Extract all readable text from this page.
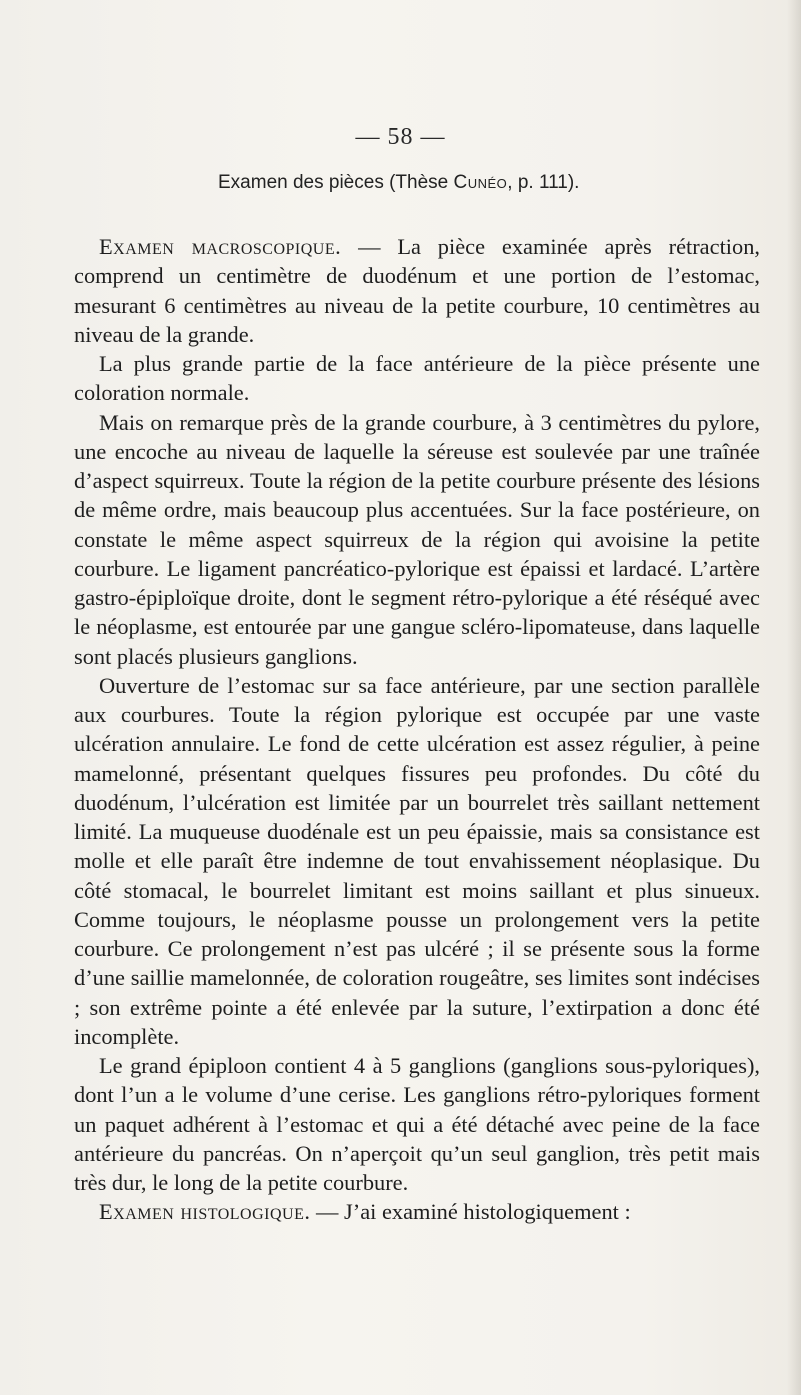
— 58 —
Examen des pièces (Thèse Cunéo, p. 111).

Examen macroscopique. — La pièce examinée après rétraction, comprend un centimètre de duodénum et une portion de l’estomac, mesurant 6 centimètres au niveau de la petite courbure, 10 centimètres au niveau de la grande.

La plus grande partie de la face antérieure de la pièce présente une coloration normale.

Mais on remarque près de la grande courbure, à 3 centimètres du pylore, une encoche au niveau de laquelle la séreuse est soulevée par une traînée d’aspect squirreux. Toute la région de la petite courbure présente des lésions de même ordre, mais beaucoup plus accentuées. Sur la face postérieure, on constate le même aspect squirreux de la région qui avoisine la petite courbure. Le ligament pancréatico-pylorique est épaissi et lardacé. L’artère gastro-épiploïque droite, dont le segment rétro-pylorique a été réséqué avec le néoplasme, est entourée par une gangue scléro-lipomateuse, dans laquelle sont placés plusieurs ganglions.

Ouverture de l’estomac sur sa face antérieure, par une section parallèle aux courbures. Toute la région pylorique est occupée par une vaste ulcération annulaire. Le fond de cette ulcération est assez régulier, à peine mamelonné, présentant quelques fissures peu profondes. Du côté du duodénum, l’ulcération est limitée par un bourrelet très saillant nettement limité. La muqueuse duodénale est un peu épaissie, mais sa consistance est molle et elle paraît être indemne de tout envahissement néoplasique. Du côté stomacal, le bourrelet limitant est moins saillant et plus sinueux. Comme toujours, le néoplasme pousse un prolongement vers la petite courbure. Ce prolongement n’est pas ulcéré ; il se présente sous la forme d’une saillie mamelonnée, de coloration rougeâtre, ses limites sont indécises ; son extrême pointe a été enlevée par la suture, l’extirpation a donc été incomplète.

Le grand épiploon contient 4 à 5 ganglions (ganglions sous-pyloriques), dont l’un a le volume d’une cerise. Les ganglions rétro-pyloriques forment un paquet adhérent à l’estomac et qui a été détaché avec peine de la face antérieure du pancréas. On n’aperçoit qu’un seul ganglion, très petit mais très dur, le long de la petite courbure.

Examen histologique. — J’ai examiné histologiquement :
